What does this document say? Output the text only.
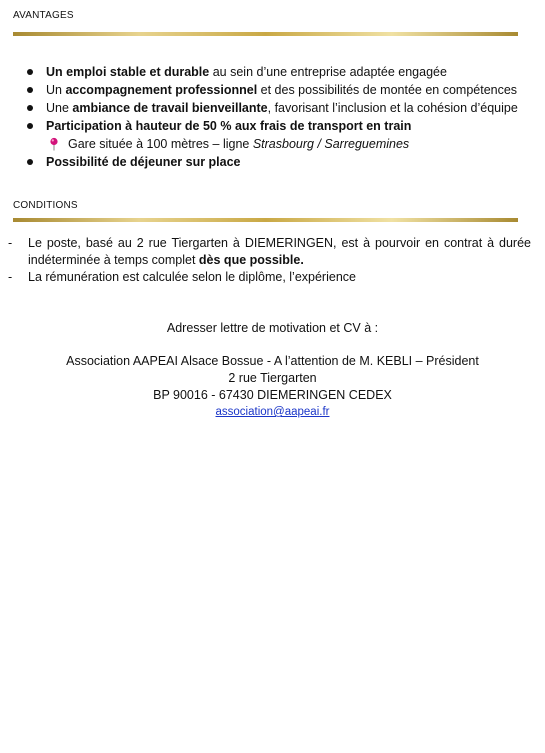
AVANTAGES
Un emploi stable et durable au sein d’une entreprise adaptée engagée
Un accompagnement professionnel et des possibilités de montée en compétences
Une ambiance de travail bienveillante, favorisant l’inclusion et la cohésion d’équipe
Participation à hauteur de 50 % aux frais de transport en train
Gare située à 100 mètres – ligne Strasbourg / Sarreguemines
Possibilité de déjeuner sur place
CONDITIONS
- Le poste, basé au 2 rue Tiergarten à DIEMERINGEN, est à pourvoir en contrat à durée indéterminée à temps complet dès que possible.
- La rémunération est calculée selon le diplôme, l’expérience
Adresser lettre de motivation et CV à :
Association AAPEAI Alsace Bossue - A l’attention de M. KEBLI – Président
2 rue Tiergarten
BP 90016 - 67430 DIEMERINGEN CEDEX
association@aapeai.fr
